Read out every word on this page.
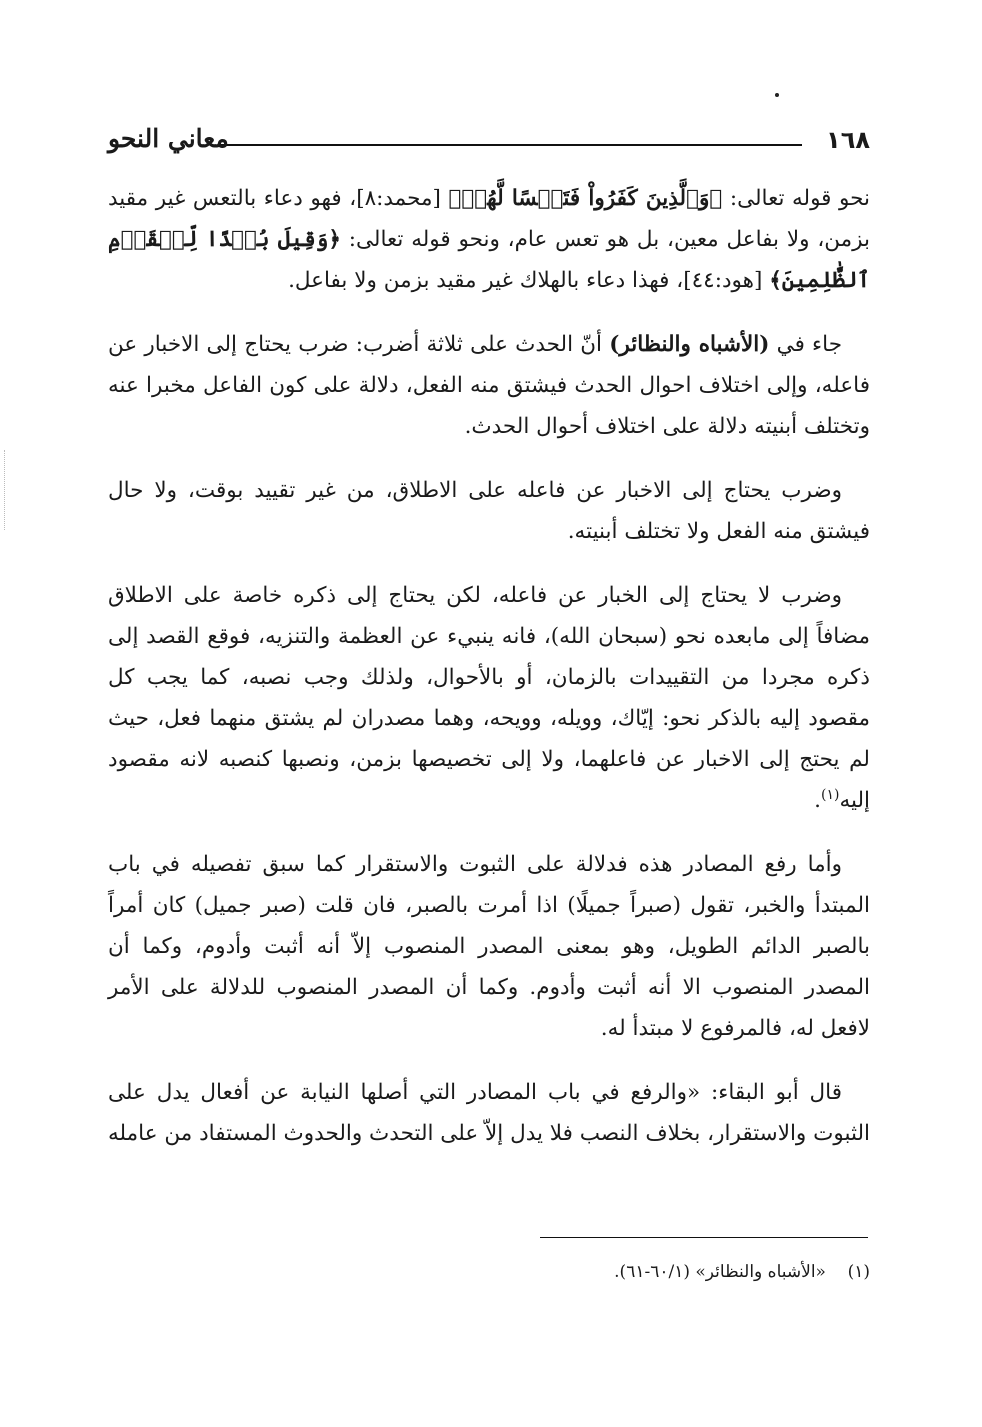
١٦٨
معاني النحو

نحو قوله تعالى: ﴿وَٱلَّذِينَ كَفَرُواْ فَتَعۡسًا لَّهُمۡ﴾ [محمد:٨]، فهو دعاء بالتعس غير مقيد بزمن، ولا بفاعل معين، بل هو تعس عام، ونحو قوله تعالى: ﴿وَقِيلَ بُعۡدًا لِّلۡقَوۡمِ ٱلظَّٰلِمِينَ﴾ [هود:٤٤]، فهذا دعاء بالهلاك غير مقيد بزمن ولا بفاعل.

جاء في (الأشباه والنظائر) أنّ الحدث على ثلاثة أضرب: ضرب يحتاج إلى الاخبار عن فاعله، وإلى اختلاف احوال الحدث فيشتق منه الفعل، دلالة على كون الفاعل مخبرا عنه وتختلف أبنيته دلالة على اختلاف أحوال الحدث.

وضرب يحتاج إلى الاخبار عن فاعله على الاطلاق، من غير تقييد بوقت، ولا حال فيشتق منه الفعل ولا تختلف أبنيته.

وضرب لا يحتاج إلى الخبار عن فاعله، لكن يحتاج إلى ذكره خاصة على الاطلاق مضافاً إلى مابعده نحو (سبحان الله)، فانه ينبيء عن العظمة والتنزيه، فوقع القصد إلى ذكره مجردا من التقييدات بالزمان، أو بالأحوال، ولذلك وجب نصبه، كما يجب كل مقصود إليه بالذكر نحو: إيّاك، وويله، وويحه، وهما مصدران لم يشتق منهما فعل، حيث لم يحتج إلى الاخبار عن فاعلهما، ولا إلى تخصيصها بزمن، ونصبها كنصبه لانه مقصود إليه$^{(١)}$.

وأما رفع المصادر هذه فدلالة على الثبوت والاستقرار كما سبق تفصيله في باب المبتدأ والخبر، تقول (صبراً جميلًا) اذا أمرت بالصبر، فان قلت (صبر جميل) كان أمراً بالصبر الدائم الطويل، وهو بمعنى المصدر المنصوب إلاّ أنه أثبت وأدوم، وكما أن المصدر المنصوب الا أنه أثبت وأدوم. وكما أن المصدر المنصوب للدلالة على الأمر لافعل له، فالمرفوع لا مبتدأ له.

قال أبو البقاء: «والرفع في باب المصادر التي أصلها النيابة عن أفعال يدل على الثبوت والاستقرار، بخلاف النصب فلا يدل إلاّ على التحدث والحدوث المستفاد من عامله

(١)    «الأشباه والنظائر» (٦٠/١-٦١).
